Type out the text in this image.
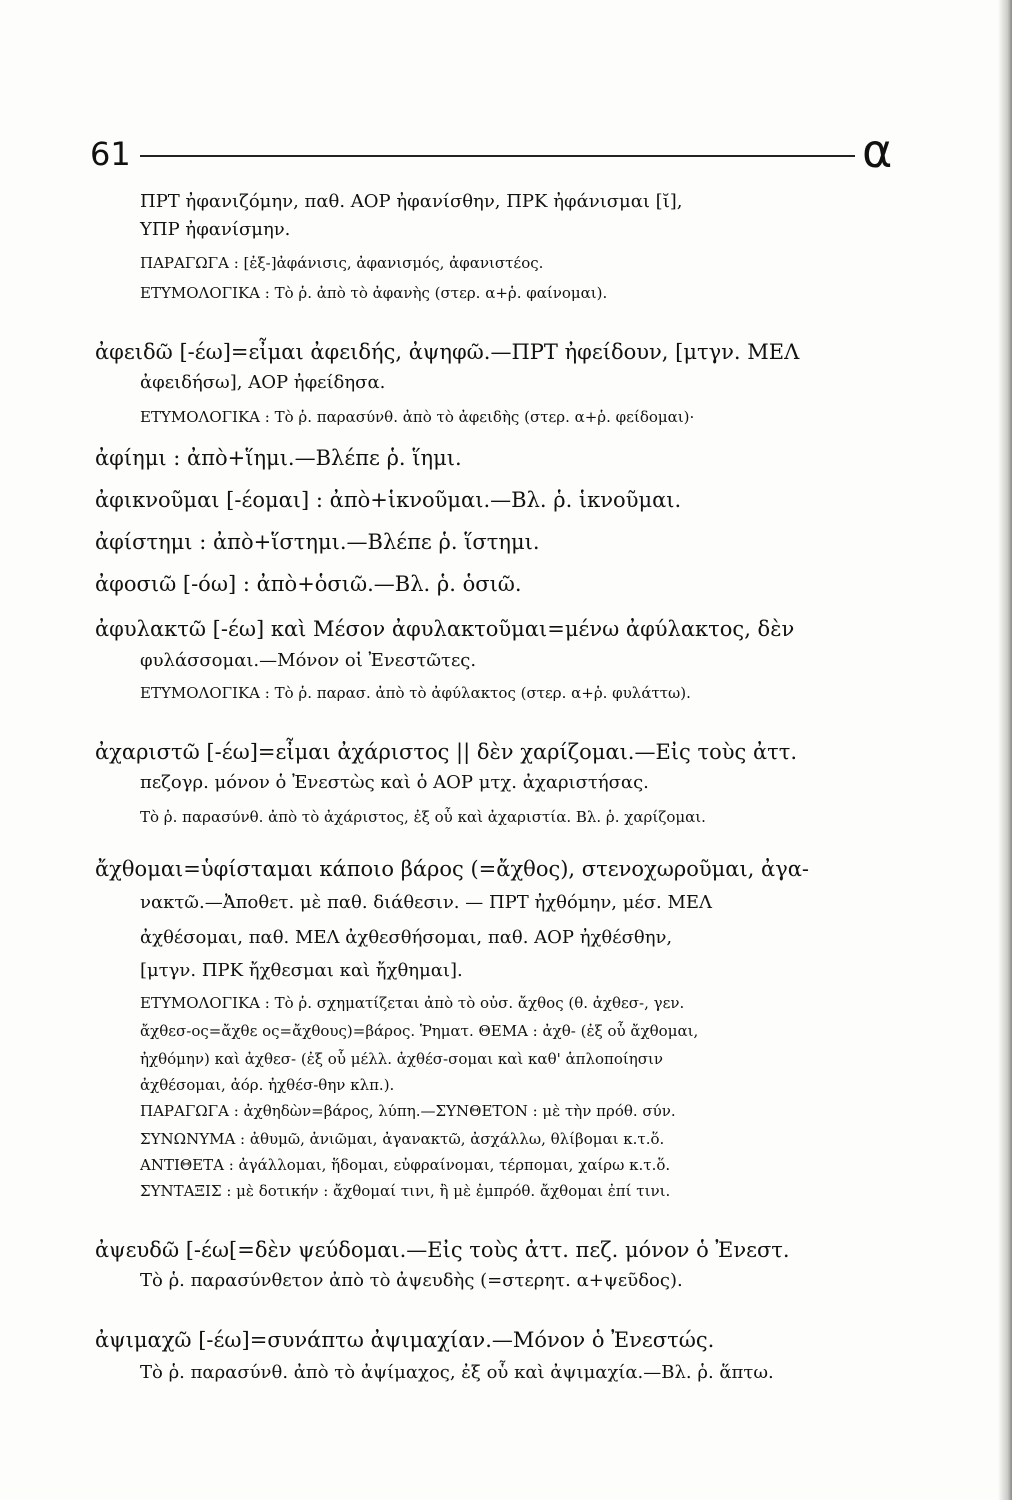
61	α
ΠΡΤ ἠφανιζόμην, παθ. ΑΟΡ ἠφανίσθην, ΠΡΚ ἠφάνισμαι [ῐ],
ΥΠΡ ἠφανίσμην.
ΠΑΡΑΓΩΓΑ : [ἐξ-]ἀφάνισις, ἀφανισμός, ἀφανιστέος.
ΕΤΥΜΟΛΟΓΙΚΑ : Τὸ ῥ. ἀπὸ τὸ ἀφανὴς (στερ. α+ῥ. φαίνομαι).
ἀφειδῶ [-έω]=εἶμαι ἀφειδής, ἀψηφῶ.—ΠΡΤ ἠφείδουν, [μτγν. ΜΕΛ
ἀφειδήσω], ΑΟΡ ἠφείδησα.
ΕΤΥΜΟΛΟΓΙΚΑ : Τὸ ῥ. παρασύνθ. ἀπὸ τὸ ἀφειδὴς (στερ. α+ῥ. φείδομαι)·
ἀφίημι : ἀπὸ+ἵημι.—Βλέπε ῥ. ἵημι.
ἀφικνοῦμαι [-έομαι] : ἀπὸ+ἱκνοῦμαι.—Βλ. ῥ. ἱκνοῦμαι.
ἀφίστημι : ἀπὸ+ἵστημι.—Βλέπε ῥ. ἵστημι.
ἀφοσιῶ [-όω] : ἀπὸ+ὁσιῶ.—Βλ. ῥ. ὁσιῶ.
ἀφυλακτῶ [-έω] καὶ Μέσον ἀφυλακτοῦμαι=μένω ἀφύλακτος, δὲν
φυλάσσομαι.—Μόνον οἱ Ἐνεστῶτες.
ΕΤΥΜΟΛΟΓΙΚΑ : Τὸ ῥ. παρασ. ἀπὸ τὸ ἀφύλακτος (στερ. α+ῥ. φυλάττω).
ἀχαριστῶ [-έω]=εἶμαι ἀχάριστος || δὲν χαρίζομαι.—Εἰς τοὺς ἀττ.
πεζογρ. μόνον ὁ Ἐνεστὼς καὶ ὁ ΑΟΡ μτχ. ἀχαριστήσας.
Τὸ ῥ. παρασύνθ. ἀπὸ τὸ ἀχάριστος, ἐξ οὗ καὶ ἀχαριστία. Βλ. ῥ. χαρίζομαι.
ἄχθομαι=ὑφίσταμαι κάποιο βάρος (=ἄχθος), στενοχωροῦμαι, ἀγα-
νακτῶ.—Ἀποθετ. μὲ παθ. διάθεσιν. — ΠΡΤ ἠχθόμην, μέσ. ΜΕΛ
ἀχθέσομαι, παθ. ΜΕΛ ἀχθεσθήσομαι, παθ. ΑΟΡ ἠχθέσθην,
[μτγν. ΠΡΚ ἤχθεσμαι καὶ ἤχθημαι].
ΕΤΥΜΟΛΟΓΙΚΑ : Τὸ ῥ. σχηματίζεται ἀπὸ τὸ οὐσ. ἄχθος (θ. ἀχθεσ-, γεν.
ἄχθεσ-ος=ἄχθε ος=ἄχθους)=βάρος. Ῥηματ. ΘΕΜΑ : ἀχθ- (ἐξ οὗ ἄχθομαι,
ἠχθόμην) καὶ ἀχθεσ- (ἐξ οὗ μέλλ. ἀχθέσ-σομαι καὶ καθ' ἁπλοποίησιν
ἀχθέσομαι, ἀόρ. ἠχθέσ-θην κλπ.).
ΠΑΡΑΓΩΓΑ : ἀχθηδὼν=βάρος, λύπη.—ΣΥΝΘΕΤΟΝ : μὲ τὴν πρόθ. σύν.
ΣΥΝΩΝΥΜΑ : ἀθυμῶ, ἀνιῶμαι, ἀγανακτῶ, ἀσχάλλω, θλίβομαι κ.τ.ὅ.
ΑΝΤΙΘΕΤΑ : ἀγάλλομαι, ἥδομαι, εὐφραίνομαι, τέρπομαι, χαίρω κ.τ.ὅ.
ΣΥΝΤΑΞΙΣ : μὲ δοτικήν : ἄχθομαί τινι, ἢ μὲ ἐμπρόθ. ἄχθομαι ἐπί τινι.
ἀψευδῶ [-έω[=δὲν ψεύδομαι.—Εἰς τοὺς ἀττ. πεζ. μόνον ὁ Ἐνεστ.
Τὸ ῥ. παρασύνθετον ἀπὸ τὸ ἀψευδὴς (=στερητ. α+ψεῦδος).
ἀψιμαχῶ [-έω]=συνάπτω ἀψιμαχίαν.—Μόνον ὁ Ἐνεστώς.
Τὸ ῥ. παρασύνθ. ἀπὸ τὸ ἀψίμαχος, ἐξ οὗ καὶ ἀψιμαχία.—Βλ. ῥ. ἅπτω.
